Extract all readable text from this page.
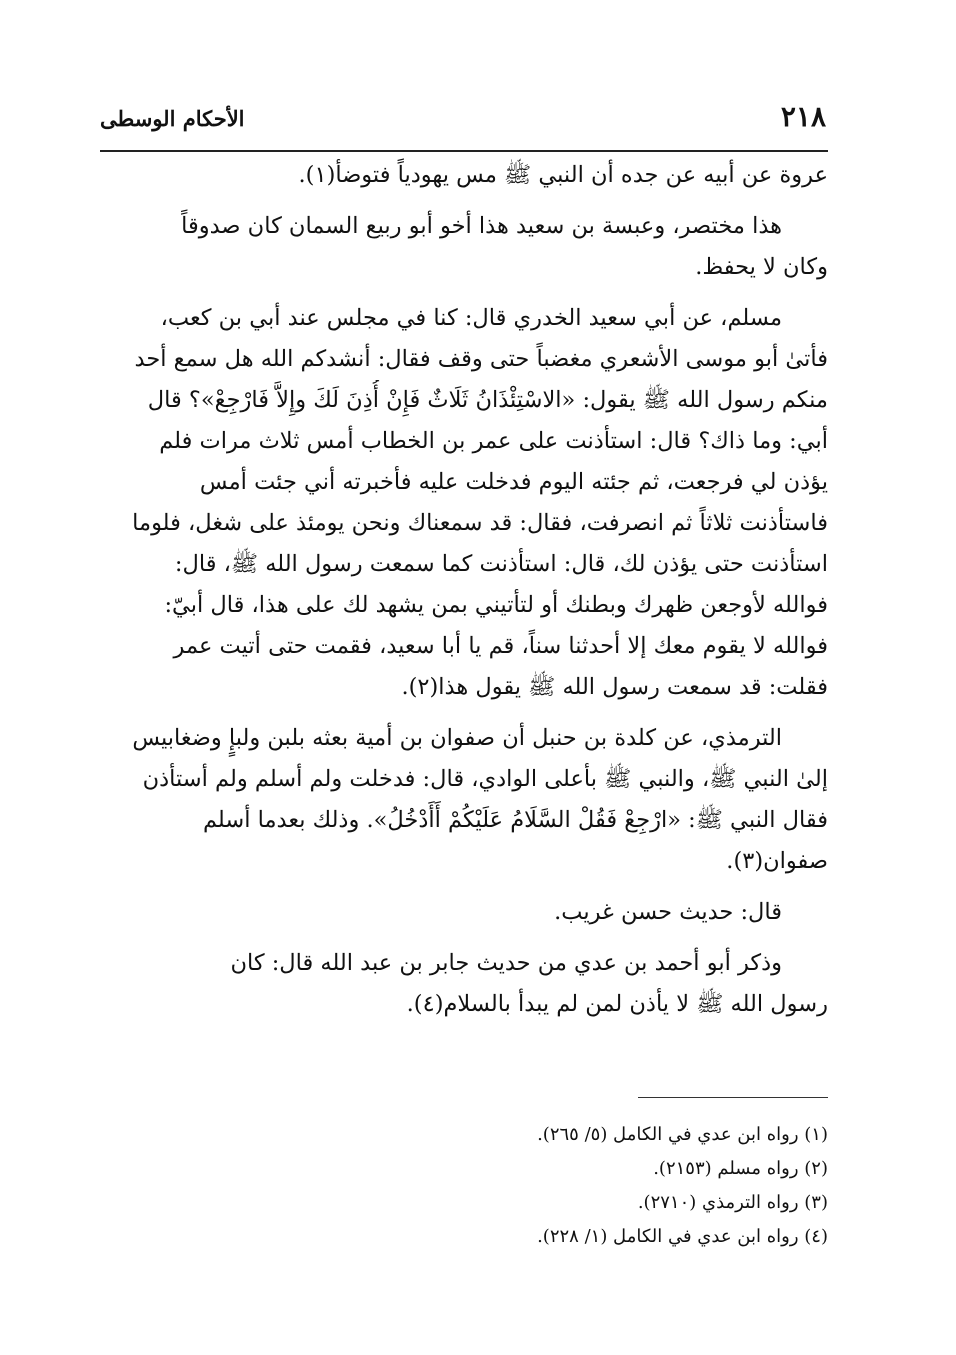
٢١٨
الأحكام الوسطى
عروة عن أبيه عن جده أن النبي ﷺ مس يهودياً فتوضأ(١).
هذا مختصر، وعبسة بن سعيد هذا أخو أبو ربيع السمان كان صدوقاً
وكان لا يحفظ.
مسلم، عن أبي سعيد الخدري قال: كنا في مجلس عند أبي بن كعب،
فأتىٰ أبو موسى الأشعري مغضباً حتى وقف فقال: أنشدكم الله هل سمع أحد
منكم رسول الله ﷺ يقول: «الاسْتِئْذَانُ ثَلَاثٌ فَإِنْ أُذِنَ لَكَ وإِلاَّ فَارْجِعْ»؟ قال
أبي: وما ذاك؟ قال: استأذنت على عمر بن الخطاب أمس ثلاث مرات فلم
يؤذن لي فرجعت، ثم جئته اليوم فدخلت عليه فأخبرته أني جئت أمس
فاستأذنت ثلاثاً ثم انصرفت، فقال: قد سمعناك ونحن يومئذ على شغل، فلوما
استأذنت حتى يؤذن لك، قال: استأذنت كما سمعت رسول الله ﷺ، قال:
فوالله لأوجعن ظهرك وبطنك أو لتأتيني بمن يشهد لك على هذا، قال أبيّ:
فوالله لا يقوم معك إلا أحدثنا سناً، قم يا أبا سعيد، فقمت حتى أتيت عمر
فقلت: قد سمعت رسول الله ﷺ يقول هذا(٢).
الترمذي، عن كلدة بن حنبل أن صفوان بن أمية بعثه بلبن ولبإٍ وضغابيس
إلىٰ النبي ﷺ، والنبي ﷺ بأعلى الوادي، قال: فدخلت ولم أسلم ولم أستأذن
فقال النبي ﷺ: «ارْجِعْ فَقُلْ السَّلَامُ عَلَيْكُمْ أَأَدْخُلُ». وذلك بعدما أسلم
صفوان(٣).
قال: حديث حسن غريب.
وذكر أبو أحمد بن عدي من حديث جابر بن عبد الله قال: كان
رسول الله ﷺ لا يأذن لمن لم يبدأ بالسلام(٤).
(١) رواه ابن عدي في الكامل (٥/ ٢٦٥).
(٢) رواه مسلم (٢١٥٣).
(٣) رواه الترمذي (٢٧١٠).
(٤) رواه ابن عدي في الكامل (١/ ٢٢٨).
